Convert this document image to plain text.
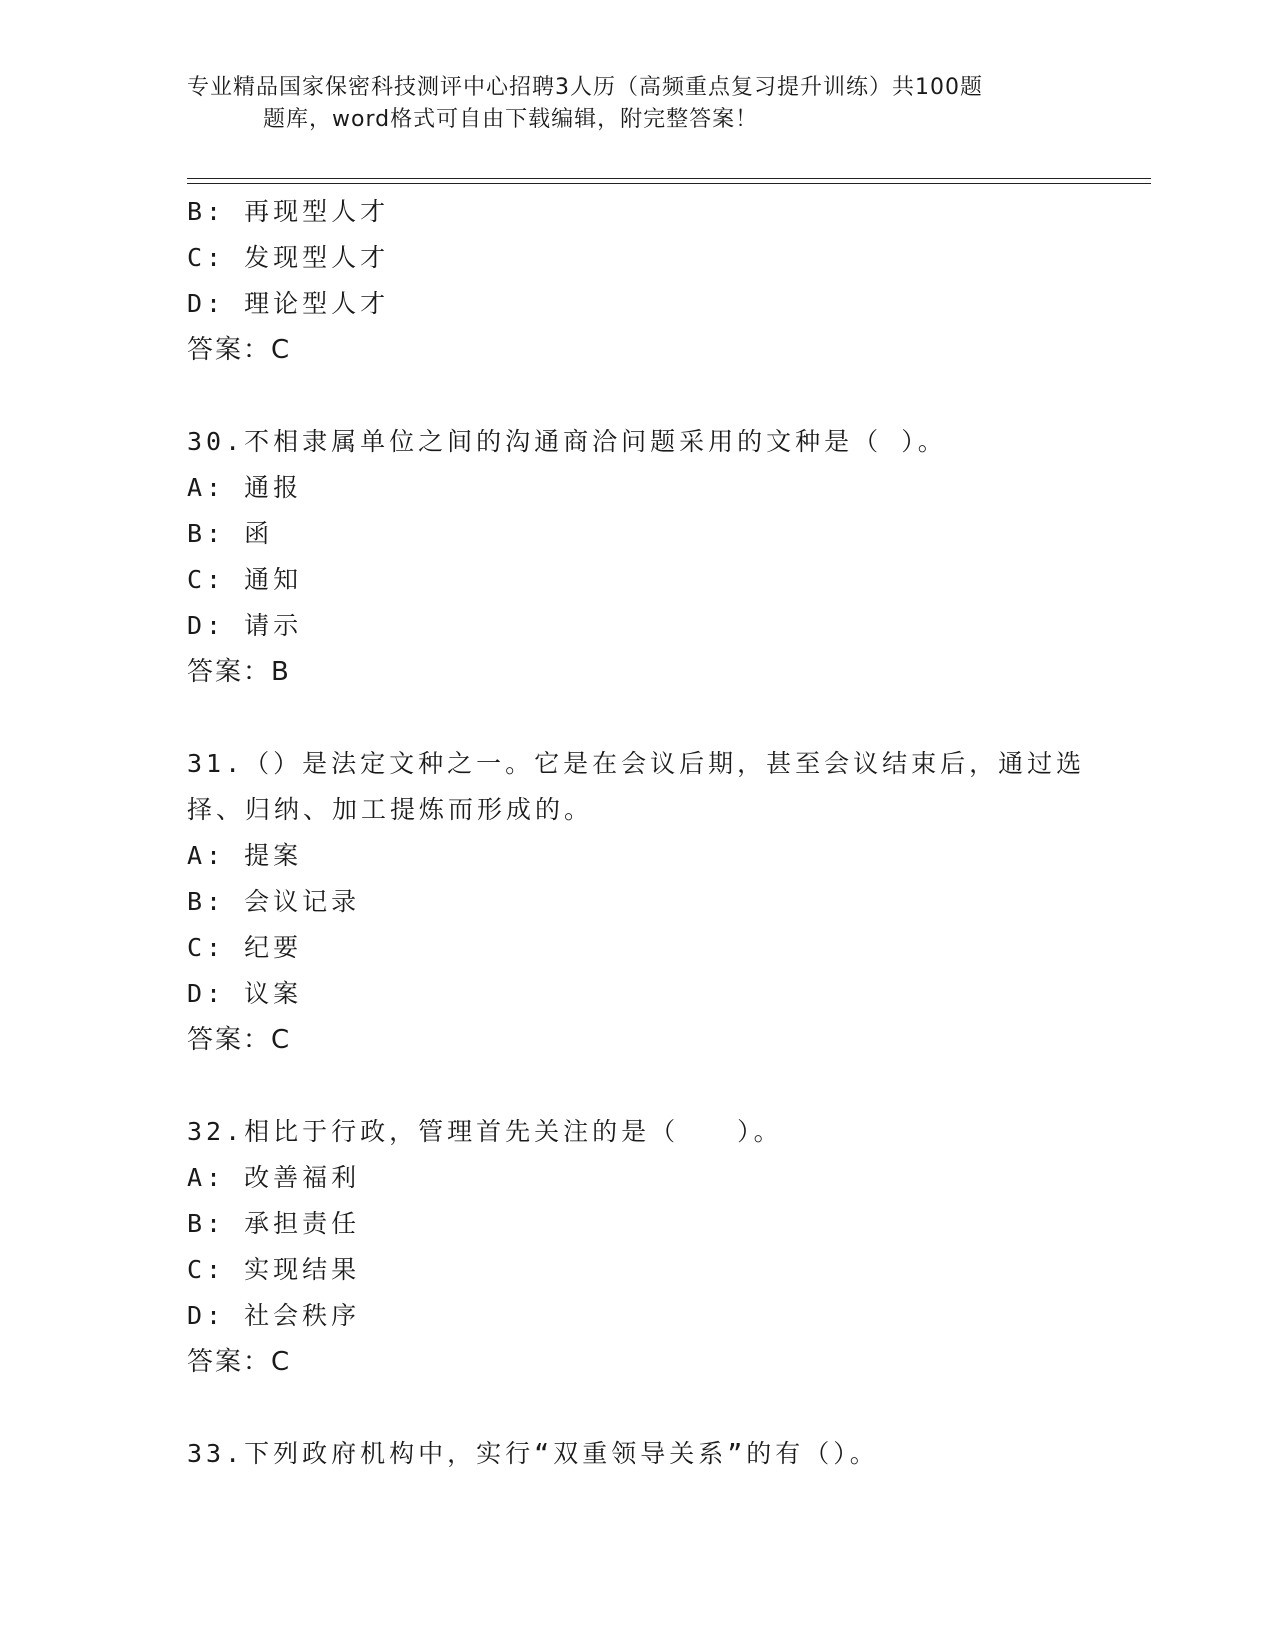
专业精品国家保密科技测评中心招聘3人历（高频重点复习提升训练）共100题
题库，word格式可自由下载编辑，附完整答案！
B: 再现型人才
C: 发现型人才
D: 理论型人才
答案：C
30.不相隶属单位之间的沟通商洽问题采用的文种是（ ）。
A: 通报
B: 函
C: 通知
D: 请示
答案：B
31.（）是法定文种之一。它是在会议后期，甚至会议结束后，通过选
择、归纳、加工提炼而形成的。
A: 提案
B: 会议记录
C: 纪要
D: 议案
答案：C
32.相比于行政，管理首先关注的是（　　）。
A: 改善福利
B: 承担责任
C: 实现结果
D: 社会秩序
答案：C
33.下列政府机构中，实行“双重领导关系”的有（）。
